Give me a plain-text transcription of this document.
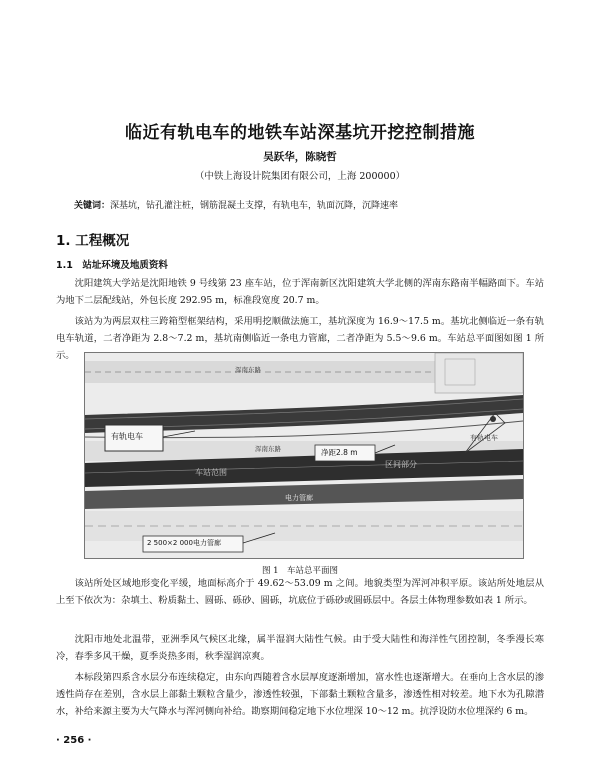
临近有轨电车的地铁车站深基坑开挖控制措施
吴跃华，陈晓哲
（中铁上海设计院集团有限公司，上海 200000）
关键词：深基坑，钻孔灌注桩，钢筋混凝土支撑，有轨电车，轨面沉降，沉降速率
1. 工程概况
1.1　站址环境及地质资料
沈阳建筑大学站是沈阳地铁 9 号线第 23 座车站，位于浑南新区沈阳建筑大学北侧的浑南东路南半幅路面下。车站为地下二层配线站，外包长度 292.95 m，标准段宽度 20.7 m。
该站为为两层双柱三跨箱型框架结构，采用明挖顺做法施工，基坑深度为 16.9～17.5 m。基坑北侧临近一条有轨电车轨道，二者净距为 2.8～7.2 m，基坑南侧临近一条电力管廊，二者净距为 5.5～9.6 m。车站总平面图如图 1 所示。
有轨电车
净距2.8 m
2 500×2 000电力管廊
浑南东路
浑南东路
车站范围
区间部分
电力管廊
有轨电车
图 1　车站总平面图
该站所处区域地形变化平缓，地面标高介于 49.62～53.09 m 之间。地貌类型为浑河冲积平原。该站所处地层从上至下依次为：杂填土、粉质黏土、圆砾、砾砂、圆砾，坑底位于砾砂或圆砾层中。各层土体物理参数如表 1 所示。
沈阳市地处北温带，亚洲季风气候区北缘，属半湿润大陆性气候。由于受大陆性和海洋性气团控制，冬季漫长寒冷，春季多风干燥，夏季炎热多雨，秋季湿润凉爽。
本标段第四系含水层分布连续稳定，由东向西随着含水层厚度逐渐增加，富水性也逐渐增大。在垂向上含水层的渗透性尚存在差别，含水层上部黏土颗粒含量少，渗透性较强，下部黏土颗粒含量多，渗透性相对较差。地下水为孔隙潜水，补给来源主要为大气降水与浑河侧向补给。勘察期间稳定地下水位埋深 10～12 m。抗浮设防水位埋深约 6 m。
· 256 ·
